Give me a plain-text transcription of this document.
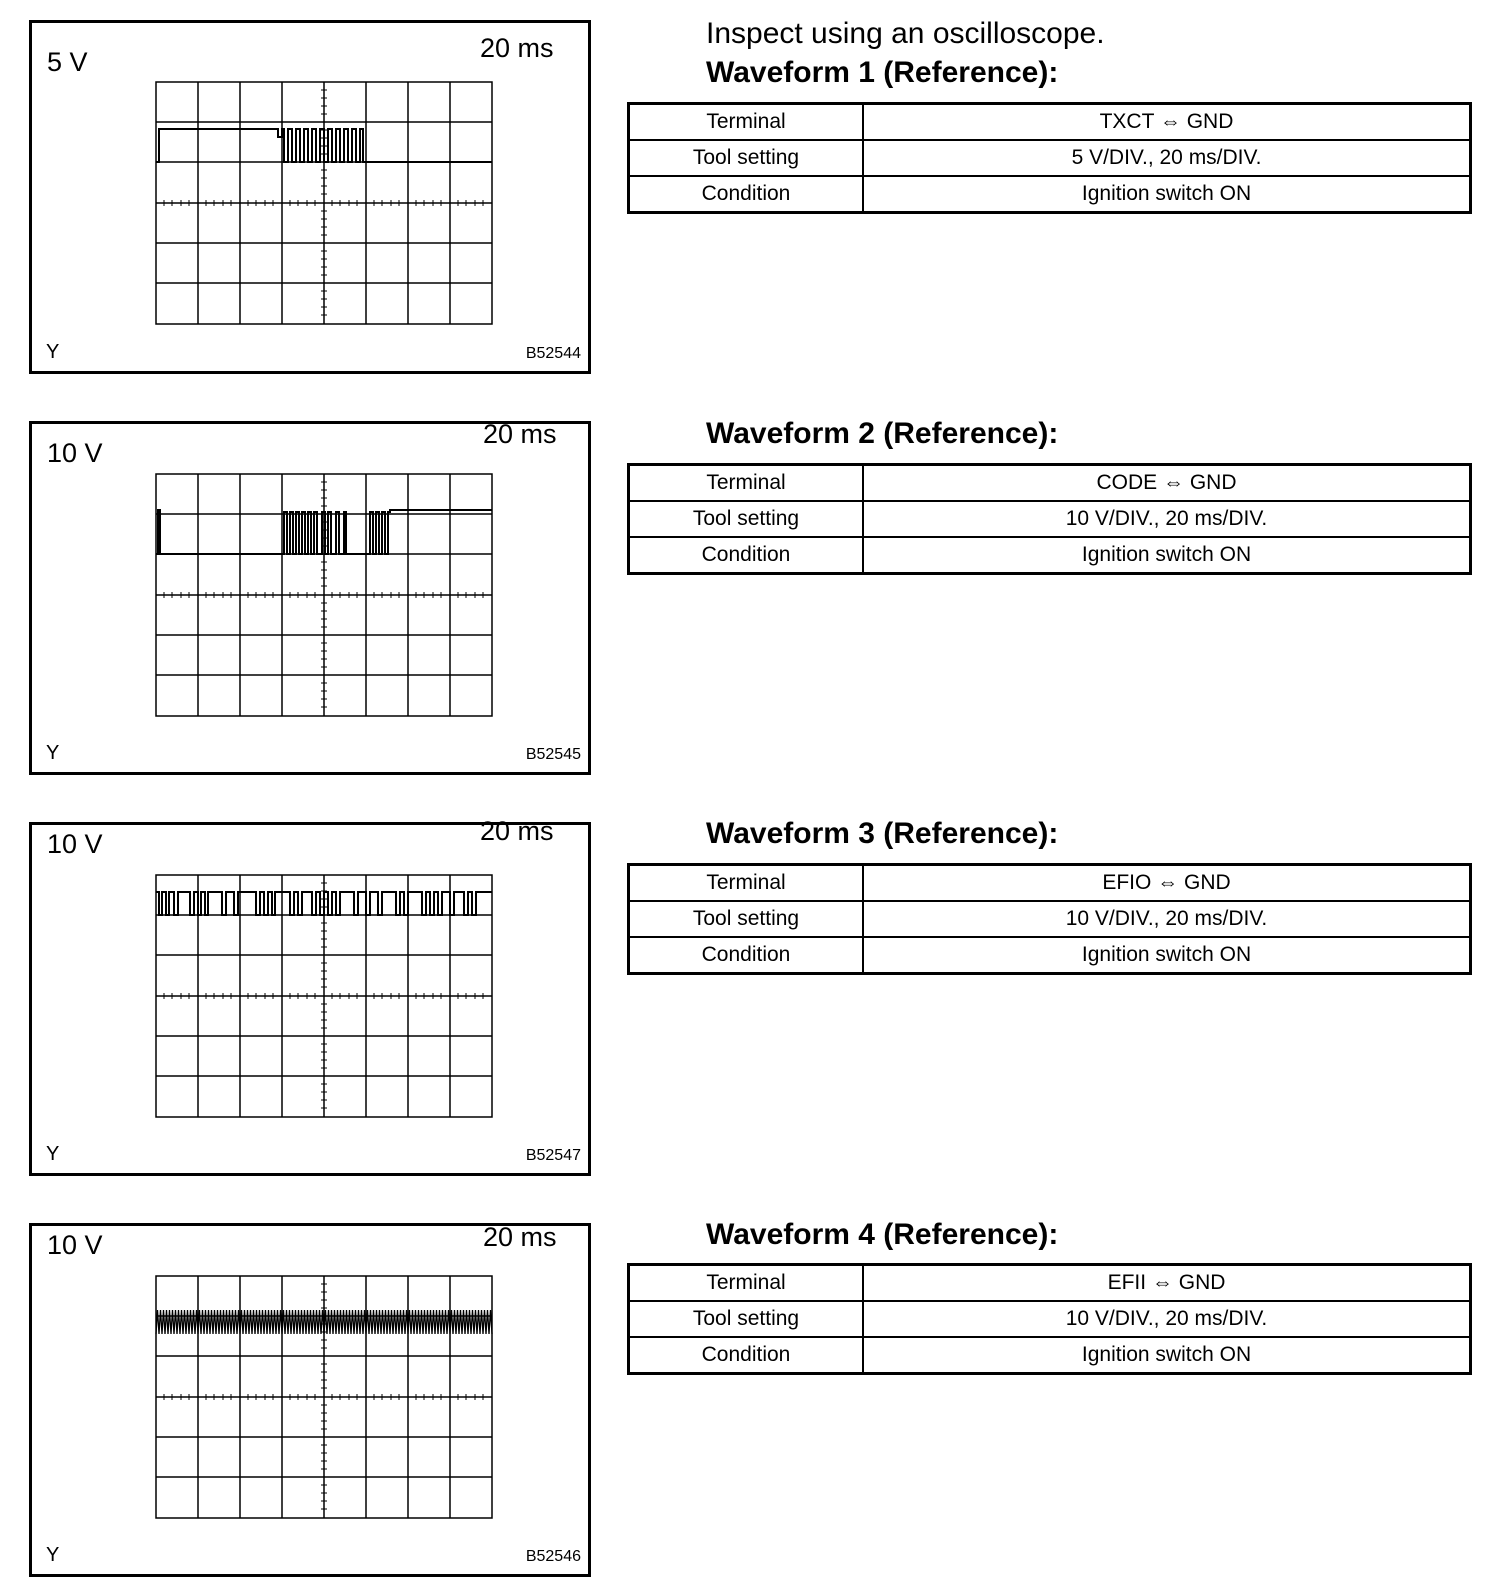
Inspect using an oscilloscope.

5 V	20 ms
Y	B52544
Waveform 1 (Reference):
Terminal	TXCT ⇔ GND
Tool setting	5 V/DIV., 20 ms/DIV.
Condition	Ignition switch ON
10 V
20 ms
Y	B52545
Waveform 2 (Reference):
Terminal	CODE ⇔ GND
Tool setting	10 V/DIV., 20 ms/DIV.
Condition	Ignition switch ON
10 V	20 ms
Y	B52547
Waveform 3 (Reference):
Terminal	EFIO ⇔ GND
Tool setting	10 V/DIV., 20 ms/DIV.
Condition	Ignition switch ON
10 V	20 ms
Y	B52546
Waveform 4 (Reference):
Terminal	EFII ⇔ GND
Tool setting	10 V/DIV., 20 ms/DIV.
Condition	Ignition switch ON
